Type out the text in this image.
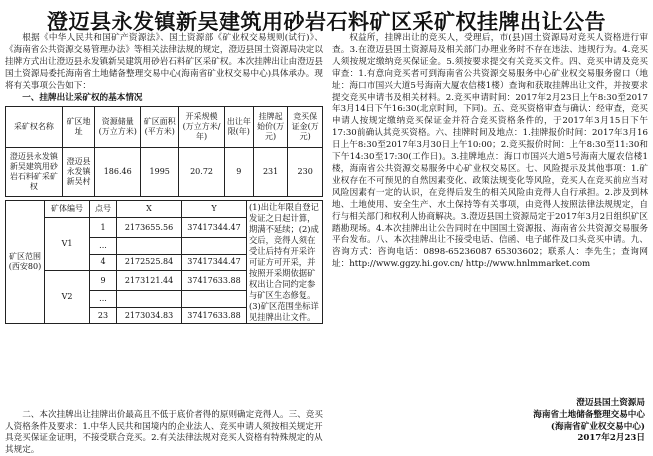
澄迈县永发镇新吴建筑用砂岩石料矿区采矿权挂牌出让公告

根据《中华人民共和国矿产资源法》、国土资源部《矿业权交易规则(试行)》、《海南省公共资源交易管理办法》等相关法律法规的规定，澄迈县国土资源局决定以挂牌方式出让澄迈县永发镇新吴建筑用砂岩石料矿区采矿权。本次挂牌出让由澄迈县国土资源局委托海南省土地储备整理交易中心(海南省矿业权交易中心)具体承办。现将有关事项公告如下：

一、挂牌出让采矿权的基本情况

采矿权名称	矿区地址	资源储量(万立方米)	矿区面积(平方米)	开采规模(万立方米/年)	出让年限(年)	挂牌起始价(万元)	竞买保证金(万元)
澄迈县永发镇新吴建筑用砂岩石料矿采矿权	澄迈县永发镇新吴村	186.46	1995	20.72	9	231	230
矿区范围(西安80)	矿体编号	点号	X	Y	(1)出让年限自登记发证之日起计算，期满不延续；(2)成交后，竞得人须在受让后持有开采许可证方可开采，并按照开采期依据矿权出让合同约定参与矿区生态修复。(3)矿区范围坐标详见挂牌出让文件。
	V1	1	2173655.56	37417344.47	
		...			
		4	2172525.84	37417344.47	
	V2	9	2173121.44	37417633.88	
		...			
		23	2173034.83	37417633.88	

二、本次挂牌出让挂牌出价最高且不低于底价者得的原则确定竞得人。三、竞买人资格条件及要求：1.中华人民共和国境内的企业法人、竞买申请人须按相关规定开具竞买保证金证明，不接受联合竞买。2.有关法律法规对竞买人资格有特殊规定的从其规定。

权益所，挂牌出让的竞买人，受理后，市(县)国土资源局对竞买人资格进行审查。3.在澄迈县国土资源局及相关部门办理业务时不存在违法、违规行为。4.竞买人须按规定缴纳竞买保证金。5.须按要求提交有关竞买文件。四、竞买申请及竞买审查：1.有意向竞买者可到海南省公共资源交易服务中心矿业权交易服务窗口（地址：海口市国兴大道5号海南大厦农信楼1楼）查询和获取挂牌出让文件，并按要求提交竞买申请书及相关材料。2.竞买申请时间：2017年2月23日上午8:30至2017年3月14日下午16:30(北京时间，下同)。五、竞买资格审查与确认：经审查，竞买申请人按规定缴纳竞买保证金并符合竞买资格条件的，于2017年3月15日下午17:30前确认其竞买资格。六、挂牌时间及地点：1.挂牌报价时间：2017年3月16日上午8:30至2017年3月30日上午10:00；2.竞买报价时间：上午8:30至11:30和下午14:30至17:30(工作日)。3.挂牌地点：海口市国兴大道5号海南大厦农信楼1楼，海南省公共资源交易服务中心矿业权交易区。七、风险提示及其他事项：1.矿业权存在不可预见的自然因素变化、政策法规变化等风险，竞买人在竞买前应当对风险因素有一定的认识，在竞得后发生的相关风险由竞得人自行承担。2.涉及到林地、土地使用、安全生产、水土保持等有关事项，由竞得人按照法律法规规定，自行与相关部门和权利人协商解决。3.澄迈县国土资源局定于2017年3月2日组织矿区踏勘现场。4.本次挂牌出让公告同时在中国国土资源报、海南省公共资源交易服务平台发布。八、本次挂牌出让不接受电话、信函、电子邮件及口头竞买申请。九、咨询方式：咨询电话：0898-65236087 65303602；联系人：李先生；查询网址：http://www.ggzy.hi.gov.cn/ http://www.hnlmmarket.com

澄迈县国土资源局
海南省土地储备整理交易中心
(海南省矿业权交易中心)
2017年2月23日
